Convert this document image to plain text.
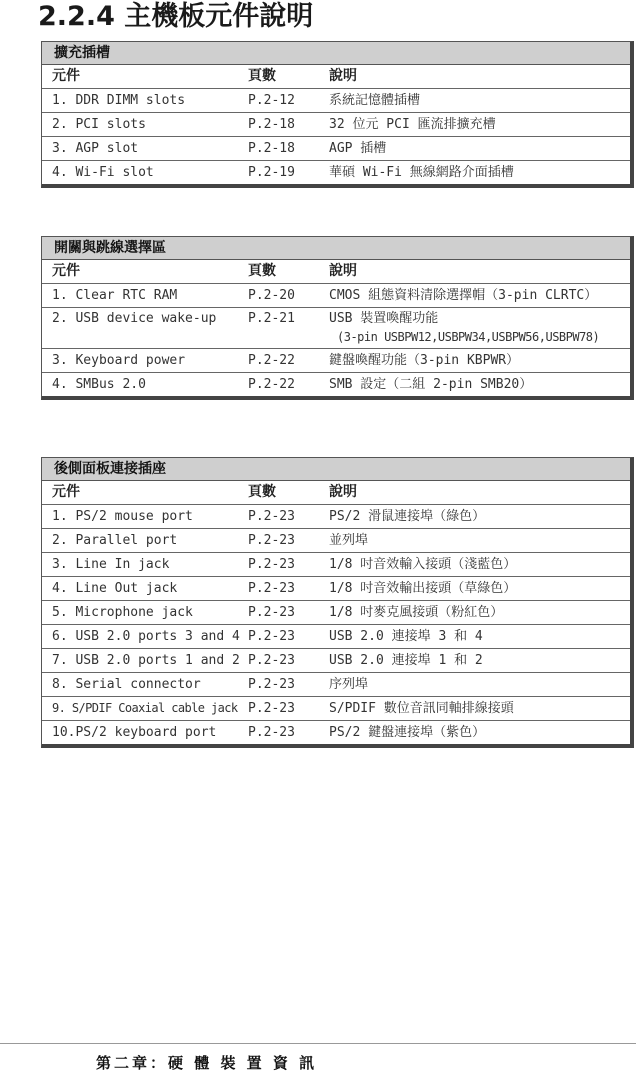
2.2.4 主機板元件說明
擴充插槽
元件	頁數	說明
1. DDR DIMM slots	P.2-12	系統記憶體插槽
2. PCI slots	P.2-18	32 位元 PCI 匯流排擴充槽
3. AGP slot	P.2-18	AGP 插槽
4. Wi-Fi slot	P.2-19	華碩 Wi-Fi 無線網路介面插槽
開關與跳線選擇區
元件	頁數	說明
1. Clear RTC RAM	P.2-20	CMOS 組態資料清除選擇帽（3-pin CLRTC）
2. USB device wake-up P.2-21	USB 裝置喚醒功能
(3-pin USBPW12,USBPW34,USBPW56,USBPW78)
3. Keyboard power	P.2-22	鍵盤喚醒功能（3-pin KBPWR）
4. SMBus 2.0	P.2-22	SMB 設定（二組 2-pin SMB20）
後側面板連接插座
元件	頁數	說明
1. PS/2 mouse port	P.2-23	PS/2 滑鼠連接埠（綠色）
2. Parallel port	P.2-23	並列埠
3. Line In jack	P.2-23	1/8 吋音效輸入接頭（淺藍色）
4. Line Out jack	P.2-23	1/8 吋音效輸出接頭（草綠色）
5. Microphone jack	P.2-23	1/8 吋麥克風接頭（粉紅色）
6. USB 2.0 ports 3 and 4 P.2-23	USB 2.0 連接埠 3 和 4
7. USB 2.0 ports 1 and 2 P.2-23	USB 2.0 連接埠 1 和 2
8. Serial connector	P.2-23	序列埠
9. S/PDIF Coaxial cable jack P.2-23	S/PDIF 數位音訊同軸排線接頭
10.PS/2 keyboard port P.2-23	PS/2 鍵盤連接埠（紫色）
第二章：硬 體 裝 置 資 訊
